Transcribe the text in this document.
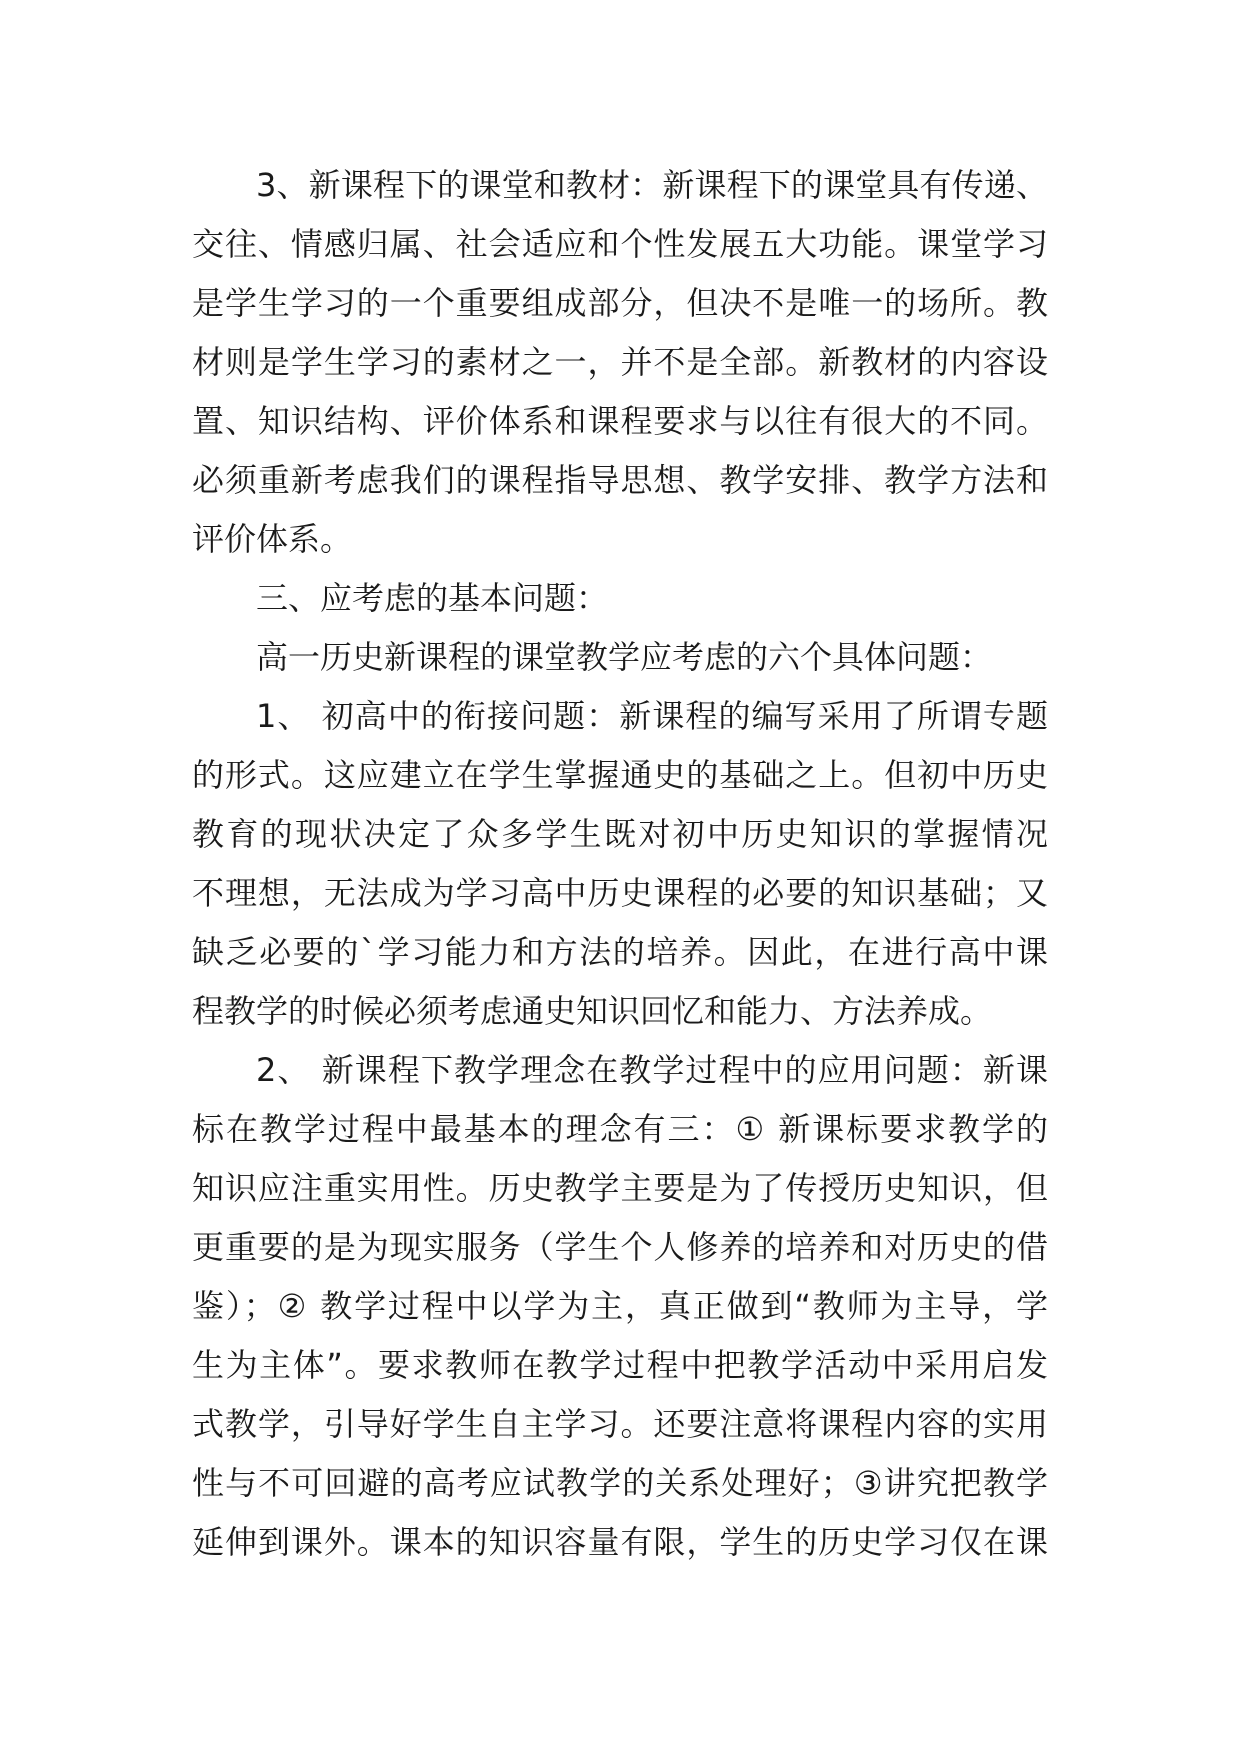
3、新课程下的课堂和教材：新课程下的课堂具有传递、
交往、情感归属、社会适应和个性发展五大功能。课堂学习
是学生学习的一个重要组成部分，但决不是唯一的场所。教
材则是学生学习的素材之一，并不是全部。新教材的内容设
置、知识结构、评价体系和课程要求与以往有很大的不同。
必须重新考虑我们的课程指导思想、教学安排、教学方法和
评价体系。
三、应考虑的基本问题：
高一历史新课程的课堂教学应考虑的六个具体问题：
1、 初高中的衔接问题：新课程的编写采用了所谓专题
的形式。这应建立在学生掌握通史的基础之上。但初中历史
教育的现状决定了众多学生既对初中历史知识的掌握情况
不理想，无法成为学习高中历史课程的必要的知识基础；又
缺乏必要的`学习能力和方法的培养。因此，在进行高中课
程教学的时候必须考虑通史知识回忆和能力、方法养成。
2、 新课程下教学理念在教学过程中的应用问题：新课
标在教学过程中最基本的理念有三：① 新课标要求教学的
知识应注重实用性。历史教学主要是为了传授历史知识，但
更重要的是为现实服务（学生个人修养的培养和对历史的借
鉴）；② 教学过程中以学为主，真正做到“教师为主导，学
生为主体”。要求教师在教学过程中把教学活动中采用启发
式教学，引导好学生自主学习。还要注意将课程内容的实用
性与不可回避的高考应试教学的关系处理好；③讲究把教学
延伸到课外。课本的知识容量有限，学生的历史学习仅在课
